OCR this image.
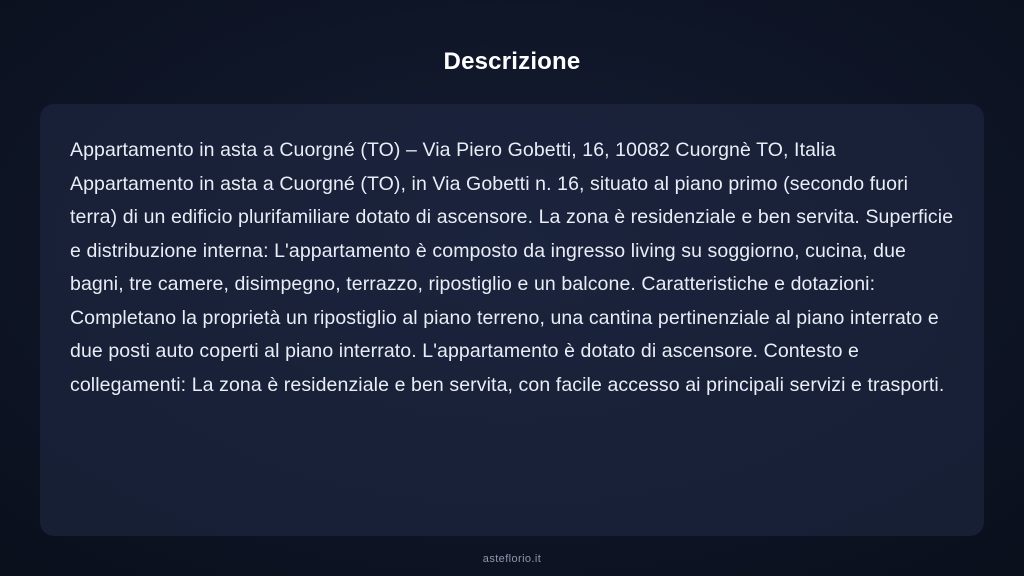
Descrizione

Appartamento in asta a Cuorgné (TO) – Via Piero Gobetti, 16, 10082 Cuorgnè TO, Italia Appartamento in asta a Cuorgné (TO), in Via Gobetti n. 16, situato al piano primo (secondo fuori terra) di un edificio plurifamiliare dotato di ascensore. La zona è residenziale e ben servita. Superficie e distribuzione interna: L'appartamento è composto da ingresso living su soggiorno, cucina, due bagni, tre camere, disimpegno, terrazzo, ripostiglio e un balcone. Caratteristiche e dotazioni: Completano la proprietà un ripostiglio al piano terreno, una cantina pertinenziale al piano interrato e due posti auto coperti al piano interrato. L'appartamento è dotato di ascensore. Contesto e collegamenti: La zona è residenziale e ben servita, con facile accesso ai principali servizi e trasporti.

asteflorio.it
